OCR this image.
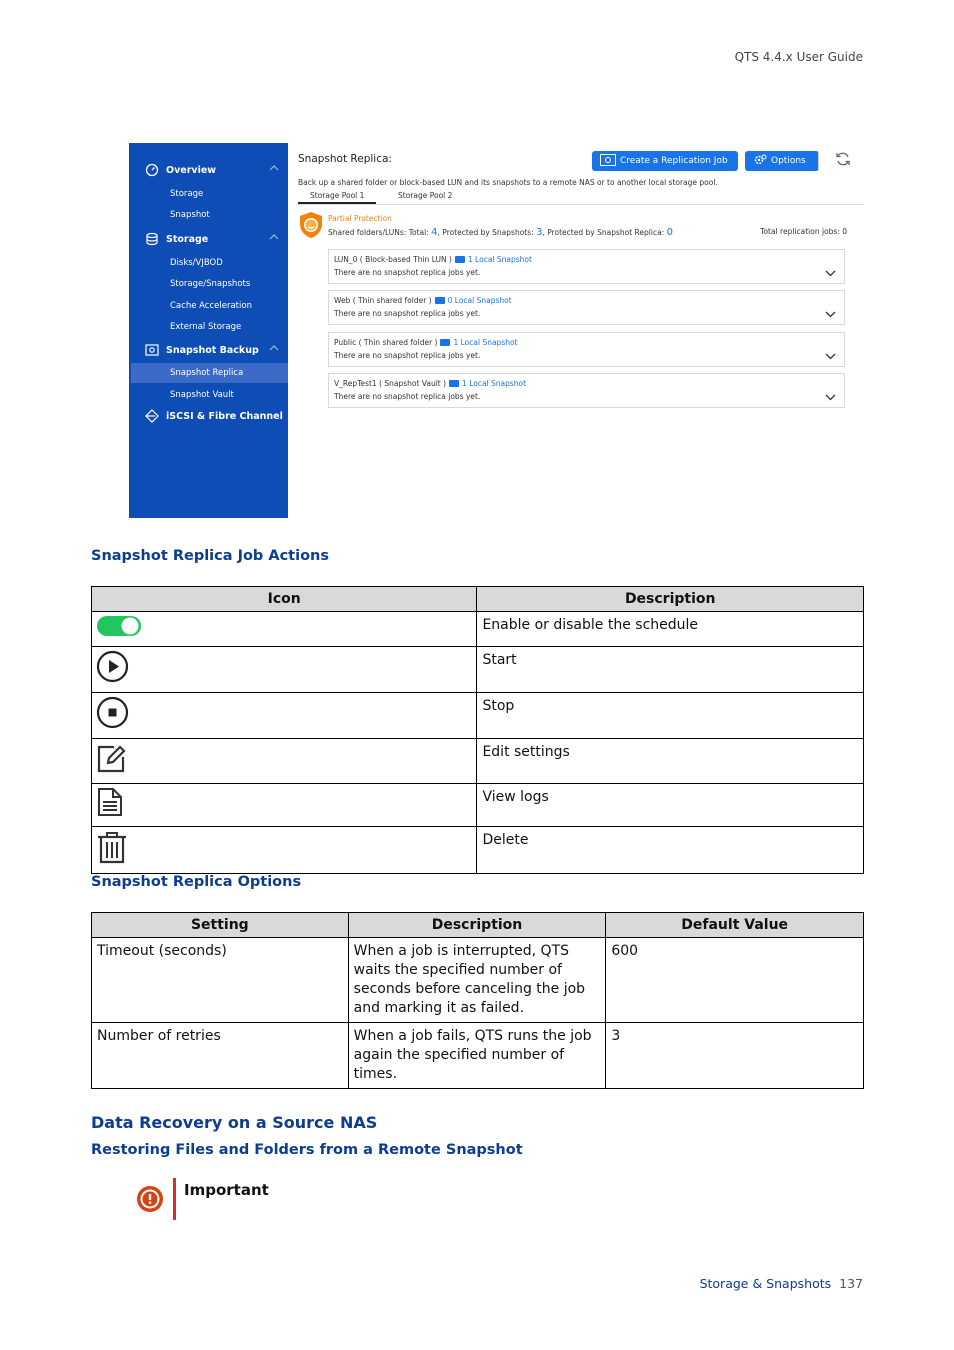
QTS 4.4.x User Guide
Overview
Storage
Snapshot
Storage
Disks/VJBOD
Storage/Snapshots
Cache Acceleration
External Storage
Snapshot Backup
Snapshot Replica
Snapshot Vault
iSCSI & Fibre Channel
Snapshot Replica:	Create a Replication Job	Options
Back up a shared folder or block-based LUN and its snapshots to a remote NAS or to another local storage pool.
Storage Pool 1	Storage Pool 2
Partial Protection
Shared folders/LUNs: Total: 4, Protected by Snapshots: 3, Protected by Snapshot Replica: 0	Total replication jobs: 0
LUN_0 ( Block-based Thin LUN ) 1 Local Snapshot
There are no snapshot replica jobs yet.
Web ( Thin shared folder ) 0 Local Snapshot
There are no snapshot replica jobs yet.
Public ( Thin shared folder ) 1 Local Snapshot
There are no snapshot replica jobs yet.
V_RepTest1 ( Snapshot Vault ) 1 Local Snapshot
There are no snapshot replica jobs yet.
Snapshot Replica Job Actions
Icon	Description
	Enable or disable the schedule
	Start
	Stop
	Edit settings
	View logs
	Delete
Snapshot Replica Options
Setting	Description	Default Value
Timeout (seconds)	When a job is interrupted, QTS waits the specified number of seconds before canceling the job and marking it as failed.	600
Number of retries	When a job fails, QTS runs the job again the specified number of times.	3
Data Recovery on a Source NAS
Restoring Files and Folders from a Remote Snapshot
Important
Storage & Snapshots 137
